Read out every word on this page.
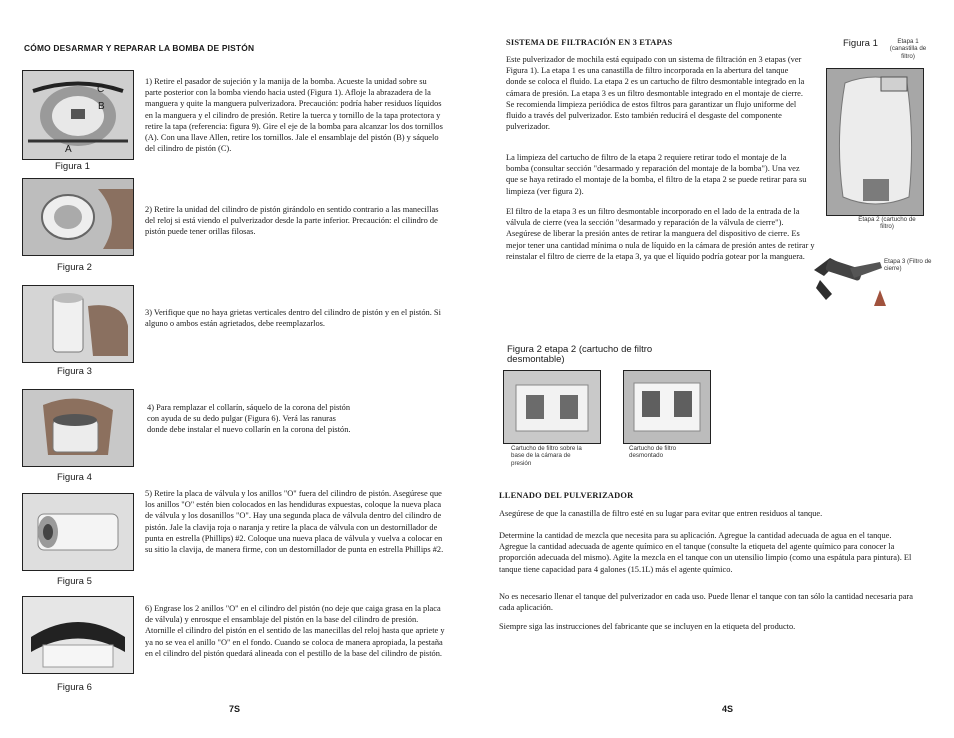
CÓMO DESARMAR Y REPARAR LA BOMBA DE PISTÓN
C
B
A
1) Retire el pasador de sujeción y la manija de la bomba. Acueste la unidad sobre su parte posterior con la bomba viendo hacia usted (Figura 1). Afloje la abrazadera de la manguera y quite la manguera pulverizadora. Precaución: podría haber residuos líquidos en la manguera y el cilindro de presión. Retire la tuerca y tornillo de la tapa protectora y retire la tapa (referencia: figura 9). Gire el eje de la bomba para alcanzar los dos tornillos (A). Con una llave Allen, retire los tornillos. Jale el ensamblaje del pistón (B) y sáquelo del cilindro de pistón (C).
Figura 1
2) Retire la unidad del cilindro de pistón girándolo en sentido contrario a las manecillas del reloj si está viendo el pulverizador desde la parte inferior. Precaución: el cilindro de pistón puede tener orillas filosas.
Figura 2
3) Verifique que no haya grietas verticales dentro del cilindro de pistón y en el pistón. Si alguno o ambos están agrietados, debe reemplazarlos.
Figura 3
4) Para remplazar el collarín, sáquelo de la corona del pistón con ayuda de su dedo pulgar (Figura 6). Verá las ranuras donde debe instalar el nuevo collarín en la corona del pistón.
Figura 4
5) Retire la placa de válvula y los anillos "O" fuera del cilindro de pistón. Asegúrese que los anillos "O" estén bien colocados en las hendiduras expuestas, coloque la nueva placa de válvula y los dosanillos "O". Hay una segunda placa de válvula dentro del cilindro de pistón. Jale la clavija roja o naranja y retire la placa de válvula con un destornillador de punta en estrella (Phillips) #2. Coloque una nueva placa de válvula y vuelva a colocar en su sitio la clavija, de manera firme, con un destornillador de punta en estrella Phillips #2.
Figura 5
6) Engrase los 2 anillos "O" en el cilindro del pistón (no deje que caiga grasa en la placa de válvula) y enrosque el ensamblaje del pistón en la base del cilindro de presión. Atornille el cilindro del pistón en el sentido de las manecillas del reloj hasta que apriete y ya no se vea el anillo "O" en el fondo. Cuando se coloca de manera apropiada, la pestaña en el cilindro del pistón quedará alineada con el pestillo de la base del cilindro de pistón.
Figura 6
7S
SISTEMA DE FILTRACIÓN EN 3 ETAPAS
Este pulverizador de mochila está equipado con un sistema de filtración en 3 etapas (ver Figura 1). La etapa 1 es una canastilla de filtro incorporada en la abertura del tanque donde se coloca el fluido. La etapa 2 es un cartucho de filtro desmontable integrado en la cámara de presión. La etapa 3 es un filtro desmontable integrado en el montaje de cierre. Se recomienda limpieza periódica de estos filtros para garantizar un flujo uniforme del fluido a través del pulverizador. Esto también reducirá el desgaste del componente pulverizador.
La limpieza del cartucho de filtro de la etapa 2 requiere retirar todo el montaje de la bomba (consultar sección "desarmado y reparación del montaje de la bomba"). Una vez que se haya retirado el montaje de la bomba, el filtro de la etapa 2 se puede retirar para su limpieza (ver figura 2).
El filtro de la etapa 3 es un filtro desmontable incorporado en el lado de la entrada de la válvula de cierre (vea la sección "desarmado y reparación de la válvula de cierre"). Asegúrese de liberar la presión antes de retirar la manguera del dispositivo de cierre. Es mejor tener una cantidad mínima o nula de líquido en la cámara de presión antes de retirar y reinstalar el filtro de cierre de la etapa 3, ya que el líquido podría gotear por la manguera.
Figura 1	Etapa 1 (canastilla de filtro)
Etapa 2 (cartucho de filtro)
Etapa 3 (Filtro de cierre)
Figura 2 etapa 2 (cartucho de filtro desmontable)
Cartucho de filtro sobre la base de la cámara de presión
Cartucho de filtro desmontado
LLENADO DEL PULVERIZADOR
Asegúrese de que la canastilla de filtro esté en su lugar para evitar que entren residuos al tanque.
Determine la cantidad de mezcla que necesita para su aplicación. Agregue la cantidad adecuada de agua en el tanque. Agregue la cantidad adecuada de agente químico en el tanque (consulte la etiqueta del agente químico para conocer la proporción adecuada del mismo). Agite la mezcla en el tanque con un utensilio limpio (como una espátula para pintura). El tanque tiene capacidad para 4 galones (15.1L) más el agente químico.
No es necesario llenar el tanque del pulverizador en cada uso. Puede llenar el tanque con tan sólo la cantidad necesaria para cada aplicación.
Siempre siga las instrucciones del fabricante que se incluyen en la etiqueta del producto.
4S
